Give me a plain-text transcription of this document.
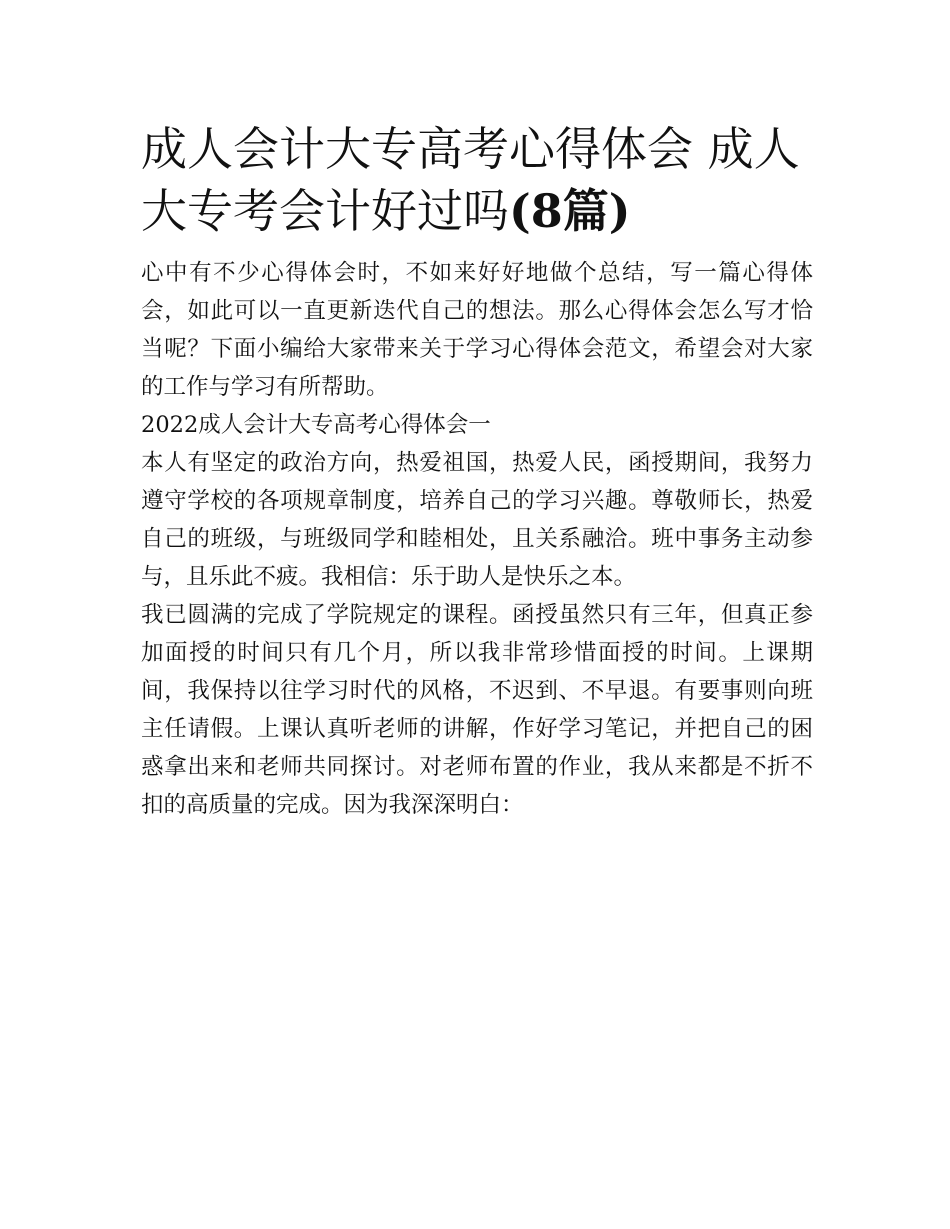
成人会计大专高考心得体会 成人大专考会计好过吗(8篇)

心中有不少心得体会时，不如来好好地做个总结，写一篇心得体会，如此可以一直更新迭代自己的想法。那么心得体会怎么写才恰当呢？下面小编给大家带来关于学习心得体会范文，希望会对大家的工作与学习有所帮助。

2022成人会计大专高考心得体会一

本人有坚定的政治方向，热爱祖国，热爱人民，函授期间，我努力遵守学校的各项规章制度，培养自己的学习兴趣。尊敬师长，热爱自己的班级，与班级同学和睦相处，且关系融洽。班中事务主动参与，且乐此不疲。我相信：乐于助人是快乐之本。

我已圆满的完成了学院规定的课程。函授虽然只有三年，但真正参加面授的时间只有几个月，所以我非常珍惜面授的时间。上课期间，我保持以往学习时代的风格，不迟到、不早退。有要事则向班主任请假。上课认真听老师的讲解，作好学习笔记，并把自己的困惑拿出来和老师共同探讨。对老师布置的作业，我从来都是不折不扣的高质量的完成。因为我深深明白：
